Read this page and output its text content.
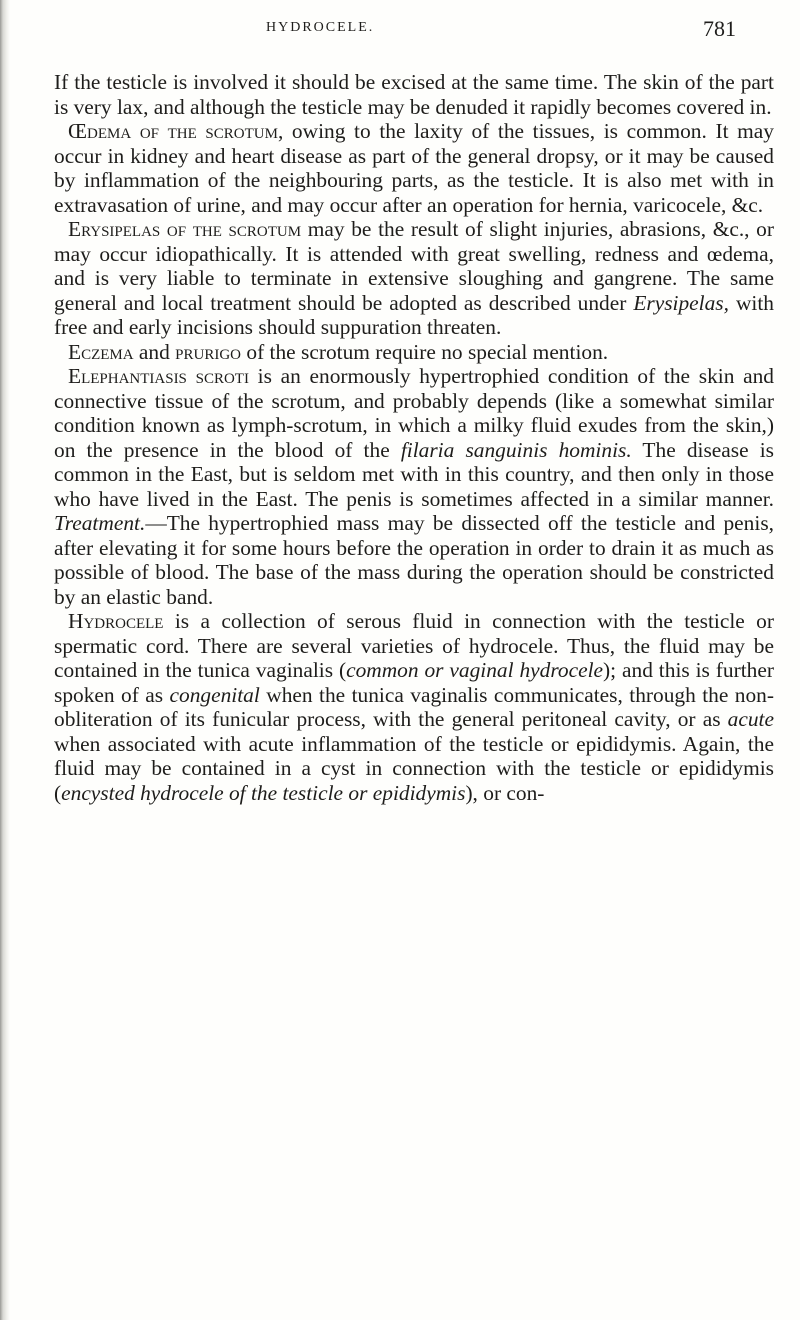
HYDROCELE.	781

If the testicle is involved it should be excised at the same time. The skin of the part is very lax, and although the testicle may be denuded it rapidly becomes covered in.

Œdema of the scrotum, owing to the laxity of the tissues, is common. It may occur in kidney and heart disease as part of the general dropsy, or it may be caused by inflammation of the neighbouring parts, as the testicle. It is also met with in extravasation of urine, and may occur after an operation for hernia, varicocele, &c.

Erysipelas of the scrotum may be the result of slight injuries, abrasions, &c., or may occur idiopathically. It is attended with great swelling, redness and œdema, and is very liable to terminate in extensive sloughing and gangrene. The same general and local treatment should be adopted as described under Erysipelas, with free and early incisions should suppuration threaten.

Eczema and prurigo of the scrotum require no special mention.

Elephantiasis scroti is an enormously hypertrophied condition of the skin and connective tissue of the scrotum, and probably depends (like a somewhat similar condition known as lymph-scrotum, in which a milky fluid exudes from the skin,) on the presence in the blood of the filaria sanguinis hominis. The disease is common in the East, but is seldom met with in this country, and then only in those who have lived in the East. The penis is sometimes affected in a similar manner. Treatment.—The hypertrophied mass may be dissected off the testicle and penis, after elevating it for some hours before the operation in order to drain it as much as possible of blood. The base of the mass during the operation should be constricted by an elastic band.

Hydrocele is a collection of serous fluid in connection with the testicle or spermatic cord. There are several varieties of hydrocele. Thus, the fluid may be contained in the tunica vaginalis (common or vaginal hydrocele); and this is further spoken of as congenital when the tunica vaginalis communicates, through the non-obliteration of its funicular process, with the general peritoneal cavity, or as acute when associated with acute inflammation of the testicle or epididymis. Again, the fluid may be contained in a cyst in connection with the testicle or epididymis (encysted hydrocele of the testicle or epididymis), or con-
